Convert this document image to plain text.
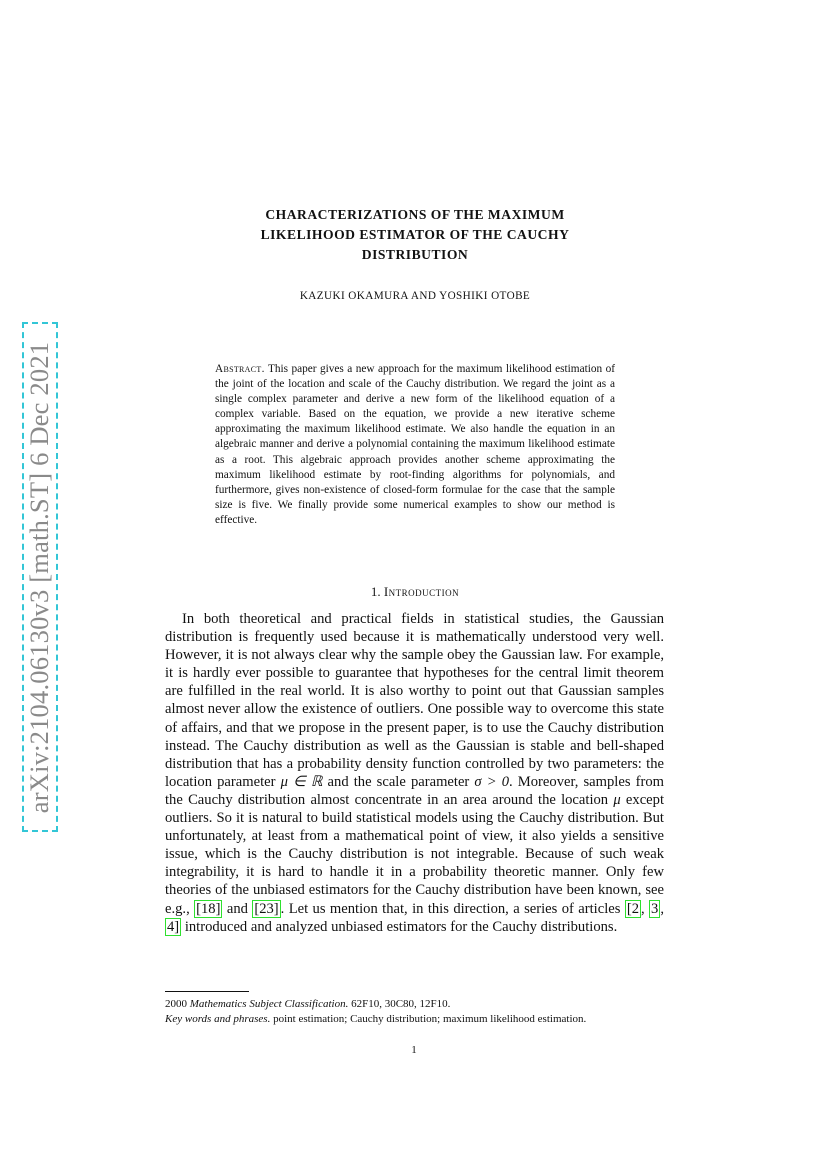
arXiv:2104.06130v3 [math.ST] 6 Dec 2021
CHARACTERIZATIONS OF THE MAXIMUM
LIKELIHOOD ESTIMATOR OF THE CAUCHY
DISTRIBUTION
KAZUKI OKAMURA AND YOSHIKI OTOBE
Abstract. This paper gives a new approach for the maximum likelihood estimation of the joint of the location and scale of the Cauchy distribution. We regard the joint as a single complex parameter and derive a new form of the likelihood equation of a complex variable. Based on the equation, we provide a new iterative scheme approximating the maximum likelihood estimate. We also handle the equation in an algebraic manner and derive a polynomial containing the maximum likelihood estimate as a root. This algebraic approach provides another scheme approximating the maximum likelihood estimate by root-finding algorithms for polynomials, and furthermore, gives non-existence of closed-form formulae for the case that the sample size is five. We finally provide some numerical examples to show our method is effective.
1. Introduction
In both theoretical and practical fields in statistical studies, the Gaussian distribution is frequently used because it is mathematically understood very well. However, it is not always clear why the sample obey the Gaussian law. For example, it is hardly ever possible to guarantee that hypotheses for the central limit theorem are fulfilled in the real world. It is also worthy to point out that Gaussian samples almost never allow the existence of outliers. One possible way to overcome this state of affairs, and that we propose in the present paper, is to use the Cauchy distribution instead. The Cauchy distribution as well as the Gaussian is stable and bell-shaped distribution that has a probability density function controlled by two parameters: the location parameter μ ∈ ℝ and the scale parameter σ > 0. Moreover, samples from the Cauchy distribution almost concentrate in an area around the location μ except outliers. So it is natural to build statistical models using the Cauchy distribution. But unfortunately, at least from a mathematical point of view, it also yields a sensitive issue, which is the Cauchy distribution is not integrable. Because of such weak integrability, it is hard to handle it in a probability theoretic manner. Only few theories of the unbiased estimators for the Cauchy distribution have been known, see e.g., [18] and [23] . Let us mention that, in this direction, a series of articles [2 , 3 , 4] introduced and analyzed unbiased estimators for the Cauchy distributions.

2000 Mathematics Subject Classification. 62F10, 30C80, 12F10.

Key words and phrases. point estimation; Cauchy distribution; maximum likelihood estimation.

1
